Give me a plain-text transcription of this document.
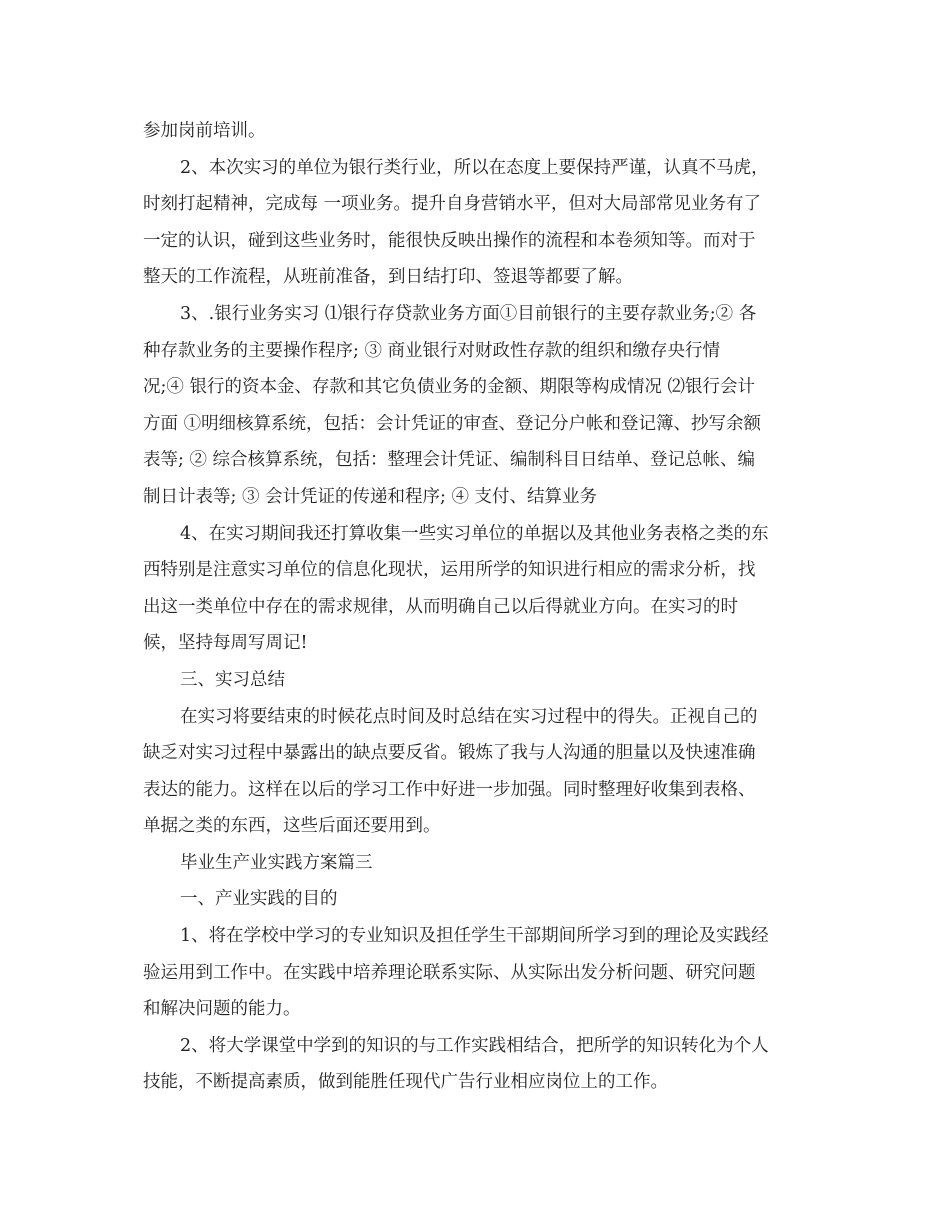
参加岗前培训。
2、本次实习的单位为银行类行业，所以在态度上要保持严谨，认真不马虎，
时刻打起精神，完成每 一项业务。提升自身营销水平，但对大局部常见业务有了
一定的认识，碰到这些业务时，能很快反映出操作的流程和本卷须知等。而对于
整天的工作流程，从班前准备，到日结打印、签退等都要了解。
3、.银行业务实习 ⑴银行存贷款业务方面①目前银行的主要存款业务;② 各
种存款业务的主要操作程序; ③ 商业银行对财政性存款的组织和缴存央行情
况;④ 银行的资本金、存款和其它负债业务的金额、期限等构成情况 ⑵银行会计
方面 ①明细核算系统，包括：会计凭证的审查、登记分户帐和登记簿、抄写余额
表等; ② 综合核算系统，包括：整理会计凭证、编制科目日结单、登记总帐、编
制日计表等; ③ 会计凭证的传递和程序; ④ 支付、结算业务
4、在实习期间我还打算收集一些实习单位的单据以及其他业务表格之类的东
西特别是注意实习单位的信息化现状，运用所学的知识进行相应的需求分析，找
出这一类单位中存在的需求规律，从而明确自己以后得就业方向。在实习的时
候，坚持每周写周记!
三、实习总结
在实习将要结束的时候花点时间及时总结在实习过程中的得失。正视自己的
缺乏对实习过程中暴露出的缺点要反省。锻炼了我与人沟通的胆量以及快速准确
表达的能力。这样在以后的学习工作中好进一步加强。同时整理好收集到表格、
单据之类的东西，这些后面还要用到。
毕业生产业实践方案篇三
一、产业实践的目的
1、将在学校中学习的专业知识及担任学生干部期间所学习到的理论及实践经
验运用到工作中。在实践中培养理论联系实际、从实际出发分析问题、研究问题
和解决问题的能力。
2、将大学课堂中学到的知识的与工作实践相结合，把所学的知识转化为个人
技能，不断提高素质，做到能胜任现代广告行业相应岗位上的工作。
